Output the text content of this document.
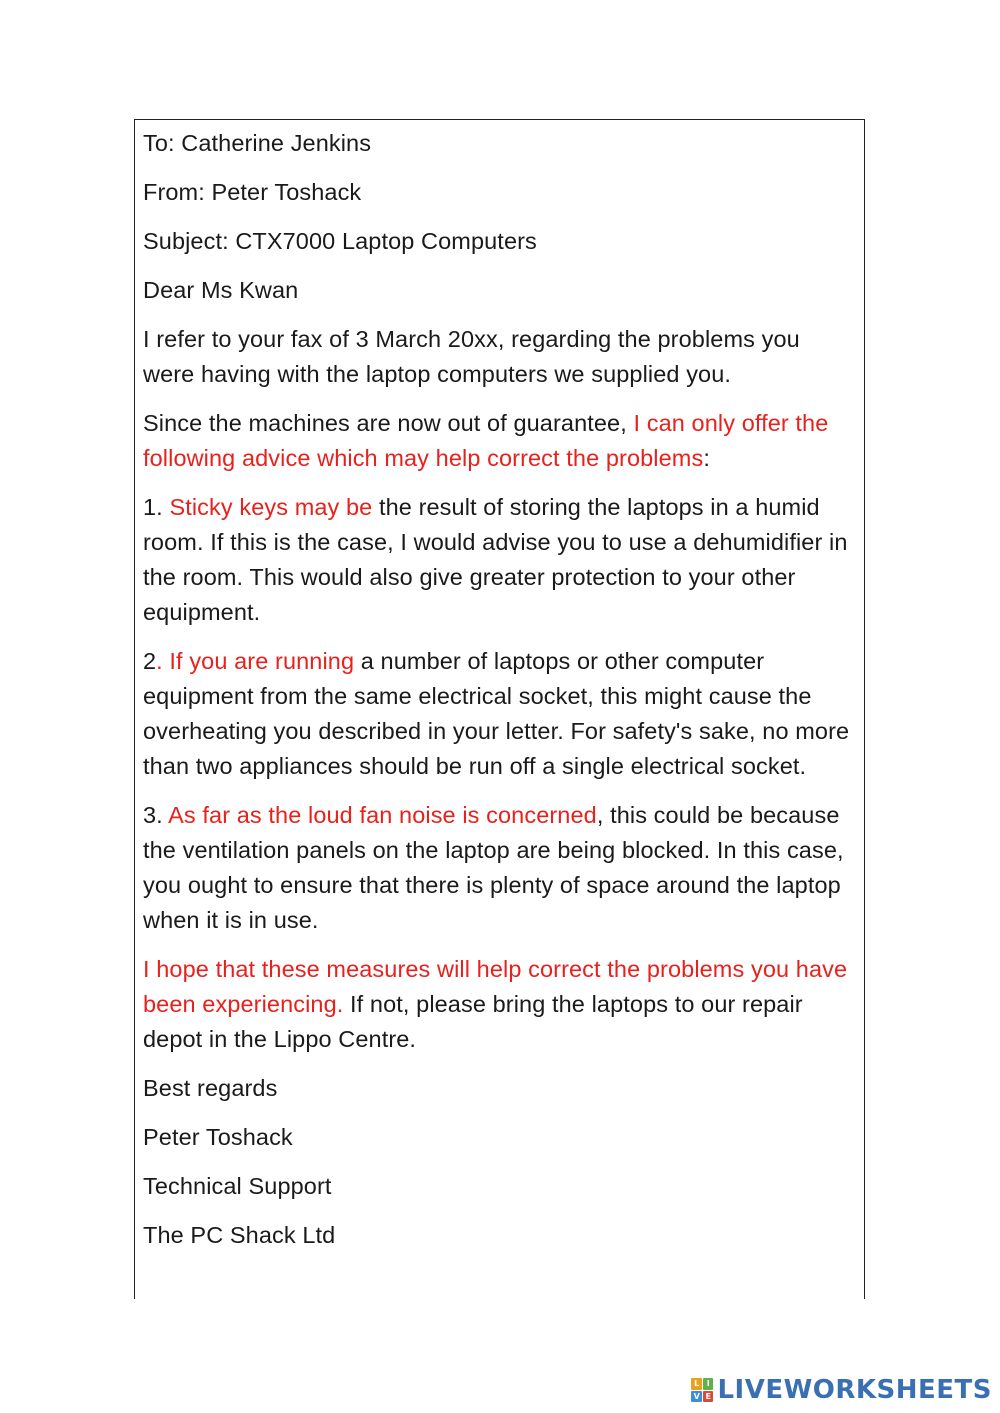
To: Catherine Jenkins

From: Peter Toshack

Subject: CTX7000 Laptop Computers

Dear Ms Kwan

I refer to your fax of 3 March 20xx, regarding the problems you were having with the laptop computers we supplied you.

Since the machines are now out of guarantee, I can only offer the following advice which may help correct the problems:

1. Sticky keys may be the result of storing the laptops in a humid room. If this is the case, I would advise you to use a dehumidifier in the room. This would also give greater protection to your other equipment.

2. If you are running a number of laptops or other computer equipment from the same electrical socket, this might cause the overheating you described in your letter. For safety's sake, no more than two appliances should be run off a single electrical socket.

3. As far as the loud fan noise is concerned, this could be because the ventilation panels on the laptop are being blocked. In this case, you ought to ensure that there is plenty of space around the laptop when it is in use.

I hope that these measures will help correct the problems you have been experiencing. If not, please bring the laptops to our repair depot in the Lippo Centre.

Best regards

Peter Toshack

Technical Support

The PC Shack Ltd

L I
V E LIVEWORKSHEETS
